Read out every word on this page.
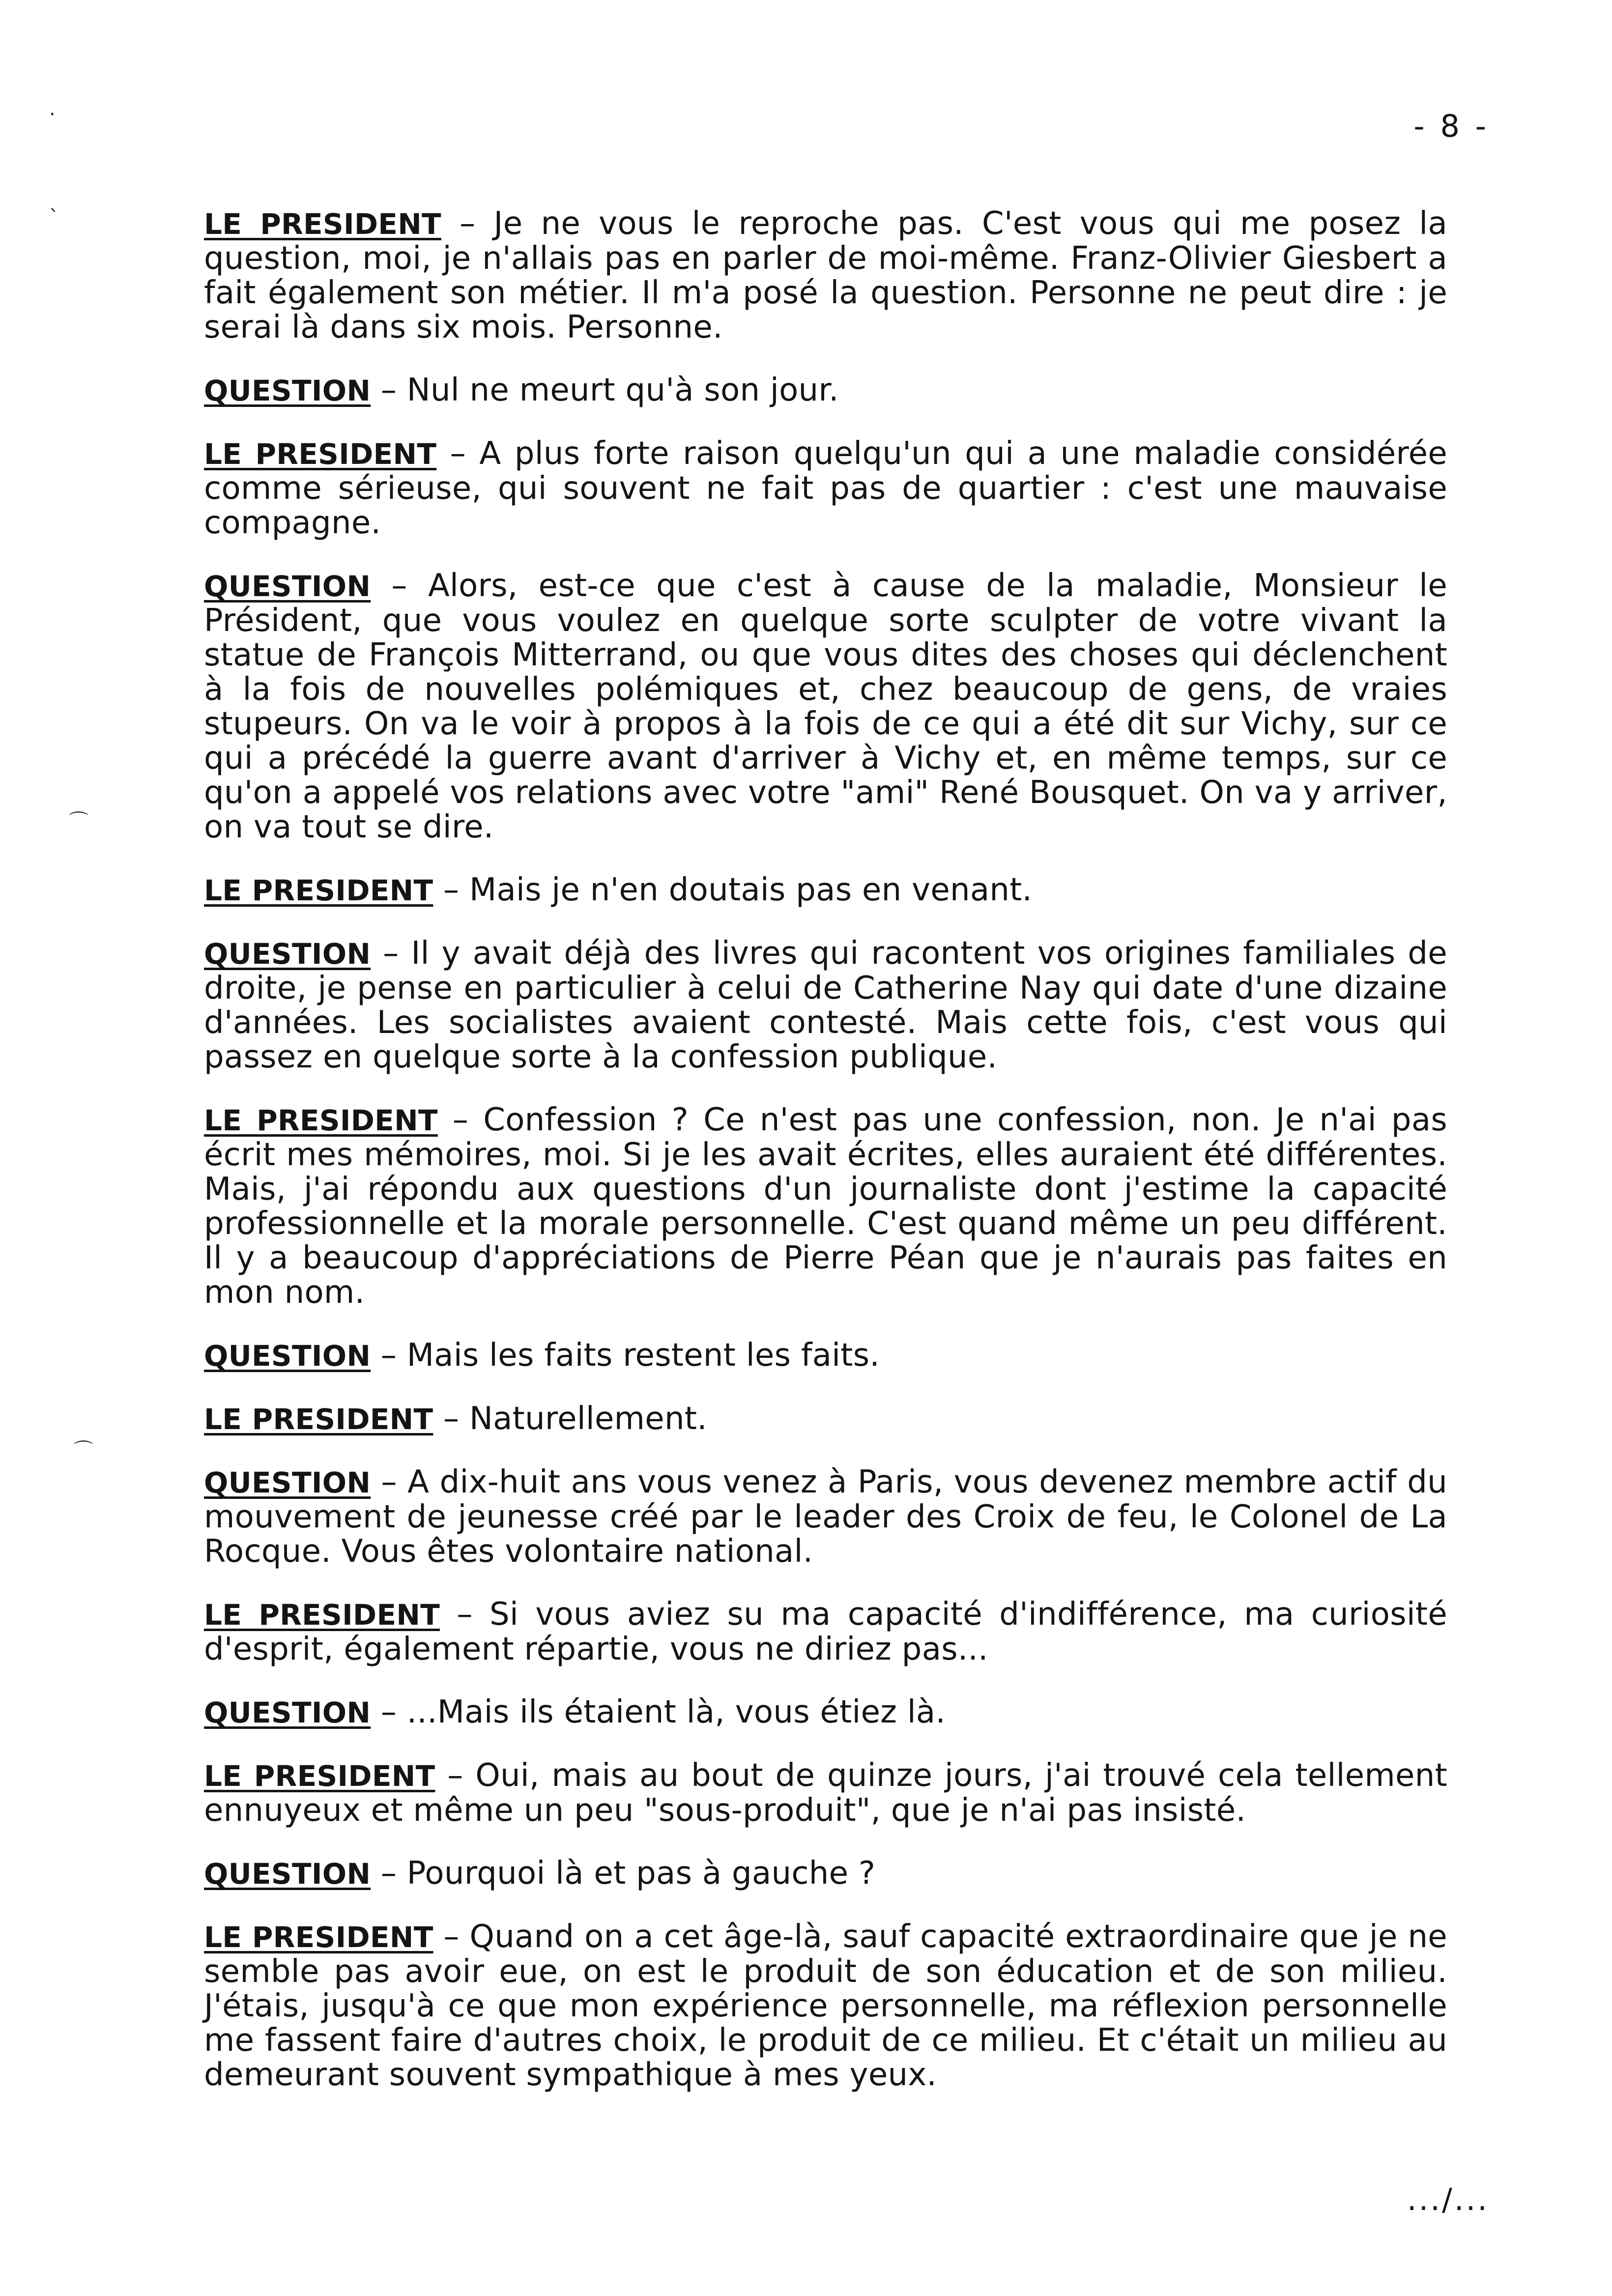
- 8 -
·
`
⌒
⌒

LE PRESIDENT – Je ne vous le reproche pas. C'est vous qui me posez la question, moi, je n'allais pas en parler de moi-même. Franz-Olivier Giesbert a fait également son métier. Il m'a posé la question. Personne ne peut dire : je serai là dans six mois. Personne.

QUESTION – Nul ne meurt qu'à son jour.

LE PRESIDENT – A plus forte raison quelqu'un qui a une maladie considérée comme sérieuse, qui souvent ne fait pas de quartier : c'est une mauvaise compagne.

QUESTION – Alors, est-ce que c'est à cause de la maladie, Monsieur le Président, que vous voulez en quelque sorte sculpter de votre vivant la statue de François Mitterrand, ou que vous dites des choses qui déclenchent à la fois de nouvelles polémiques et, chez beaucoup de gens, de vraies stupeurs. On va le voir à propos à la fois de ce qui a été dit sur Vichy, sur ce qui a précédé la guerre avant d'arriver à Vichy et, en même temps, sur ce qu'on a appelé vos relations avec votre "ami" René Bousquet. On va y arriver, on va tout se dire.

LE PRESIDENT – Mais je n'en doutais pas en venant.

QUESTION – Il y avait déjà des livres qui racontent vos origines familiales de droite, je pense en particulier à celui de Catherine Nay qui date d'une dizaine d'années. Les socialistes avaient contesté. Mais cette fois, c'est vous qui passez en quelque sorte à la confession publique.

LE PRESIDENT – Confession ? Ce n'est pas une confession, non. Je n'ai pas écrit mes mémoires, moi. Si je les avait écrites, elles auraient été différentes. Mais, j'ai répondu aux questions d'un journaliste dont j'estime la capacité professionnelle et la morale personnelle. C'est quand même un peu différent. Il y a beaucoup d'appréciations de Pierre Péan que je n'aurais pas faites en mon nom.

QUESTION – Mais les faits restent les faits.

LE PRESIDENT – Naturellement.

QUESTION – A dix-huit ans vous venez à Paris, vous devenez membre actif du mouvement de jeunesse créé par le leader des Croix de feu, le Colonel de La Rocque. Vous êtes volontaire national.

LE PRESIDENT – Si vous aviez su ma capacité d'indifférence, ma curiosité d'esprit, également répartie, vous ne diriez pas...

QUESTION – ...Mais ils étaient là, vous étiez là.

LE PRESIDENT – Oui, mais au bout de quinze jours, j'ai trouvé cela tellement ennuyeux et même un peu "sous-produit", que je n'ai pas insisté.

QUESTION – Pourquoi là et pas à gauche ?

LE PRESIDENT – Quand on a cet âge-là, sauf capacité extraordinaire que je ne semble pas avoir eue, on est le produit de son éducation et de son milieu. J'étais, jusqu'à ce que mon expérience personnelle, ma réflexion personnelle me fassent faire d'autres choix, le produit de ce milieu. Et c'était un milieu au demeurant souvent sympathique à mes yeux.

.../...
